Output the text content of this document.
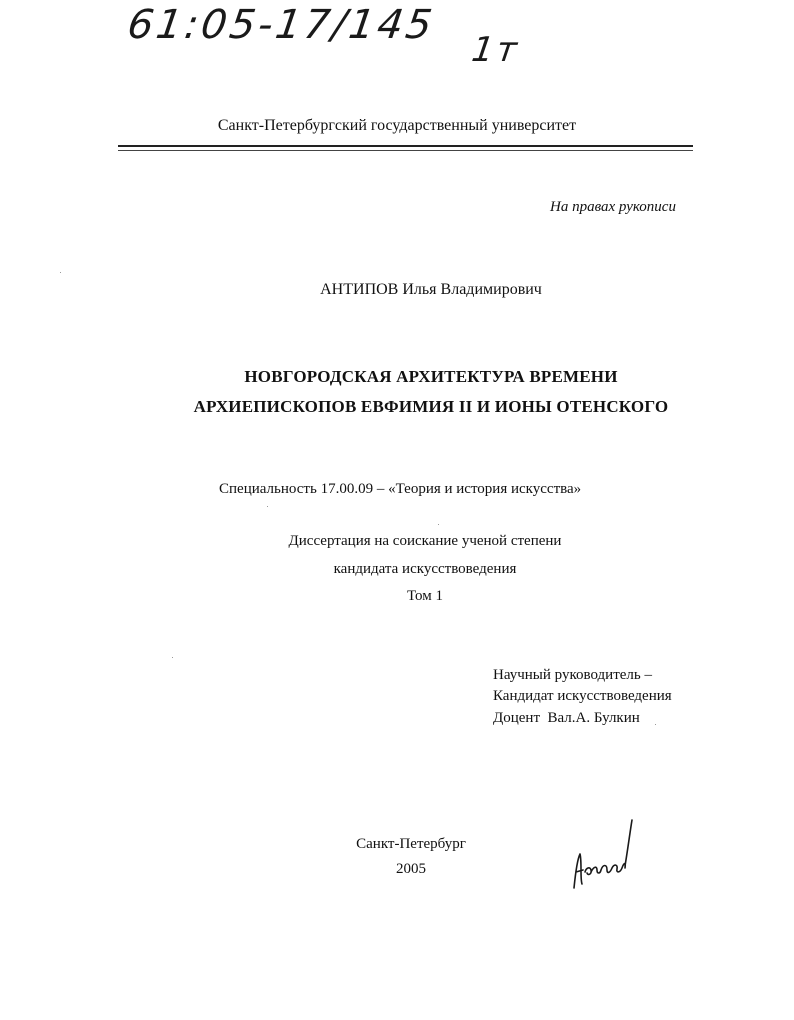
61:05-17/145
1т
Санкт-Петербургский государственный университет
На правах рукописи
АНТИПОВ Илья Владимирович
НОВГОРОДСКАЯ АРХИТЕКТУРА ВРЕМЕНИ
АРХИЕПИСКОПОВ ЕВФИМИЯ II И ИОНЫ ОТЕНСКОГО
Специальность 17.00.09 – «Теория и история искусства»
Диссертация на соискание ученой степени
кандидата искусствоведения
Том 1
Научный руководитель –
Кандидат искусствоведения
Доцент  Вал.А. Булкин
Санкт-Петербург
2005
